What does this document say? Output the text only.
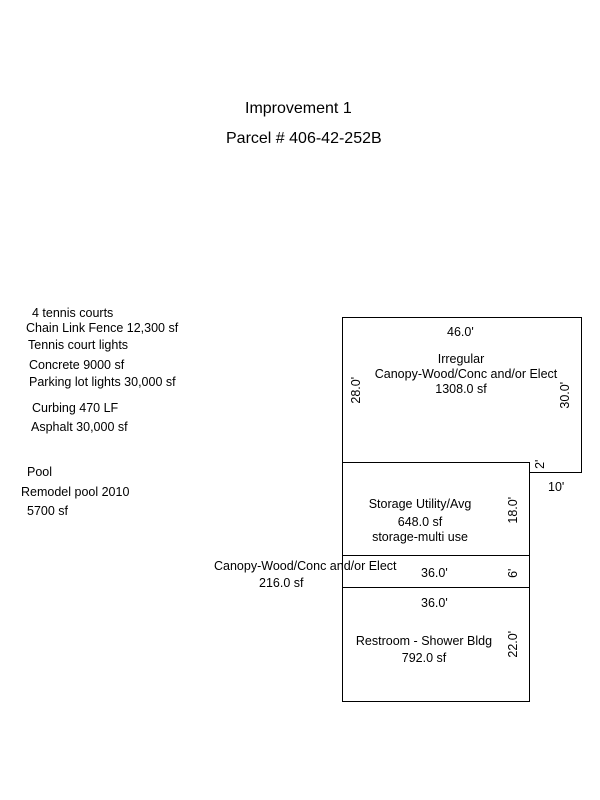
Improvement 1
Parcel # 406-42-252B
4 tennis courts
Chain Link Fence 12,300 sf
Tennis court lights
Concrete 9000 sf
Parking lot lights 30,000 sf
Curbing 470 LF
Asphalt 30,000 sf
Pool
Remodel pool 2010
5700 sf
46.0'
Irregular
Canopy-Wood/Conc and/or Elect
1308.0 sf
28.0'	30.0'
2'
10'
Storage Utility/Avg
648.0 sf
storage-multi use
18.0'
Canopy-Wood/Conc and/or Elect
216.0 sf
36.0'	6'
36.0'
Restroom - Shower Bldg
792.0 sf
22.0'
